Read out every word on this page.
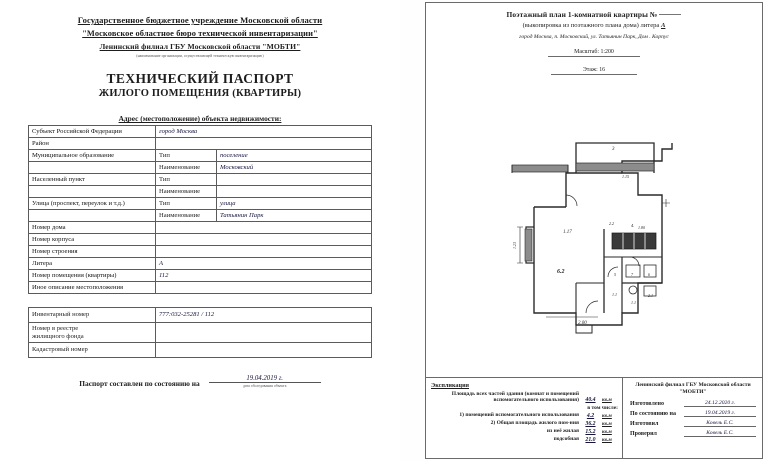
Государственное бюджетное учреждение Московской области
"Московское областное бюро технической инвентаризации"
Ленинский филиал ГБУ Московской области "МОБТИ"
(наименование организации, осуществляющей техническую инвентаризацию)
ТЕХНИЧЕСКИЙ ПАСПОРТ
ЖИЛОГО ПОМЕЩЕНИЯ (КВАРТИРЫ)
Адрес (местоположение) объекта недвижимости:
Субъект Российской Федерации	город Москва	
Район		
Муниципальное образование	Тип	поселение
	Наименование	Московский
Населенный пункт	Тип	
	Наименование	
Улица (проспект, переулок и т.д.)	Тип	улица
	Наименование	Татьянин Парк
Номер дома		
Номер корпуса		
Номер строения		
Литера	А	
Номер помещения (квартиры)	112	
Иное описание местоположения		
Инвентарный номер	777:032-25281 / 112
Номер в реестре
жилищного фонда	
Кадастровый номер	
Паспорт составлен по состоянию на
19.04.2019 г.
дата обследования объекта
Поэтажный план 1-комнатной квартиры №
(выкопировка из поэтажного плана дома) литера А
город Москва, п. Московский, ул. Татьянин Парк, Дом . Корпус
Масштаб: 1:200
Этаж: 16
1.17
6.2
3
1.15
4. 1.80
2.2
2.00
5
1.1
7	6
2.1
1.1
1.23
Экспликация
Площадь всех частей здания (комнат и помещений вспомогательного использования)	40.4	кв.м
в том числе:
1) помещений вспомогательного использования	4.2	кв.м
2) Общая площадь жилого пом-ния	36.2	кв.м
из неё жилая	15.2	кв.м
подсобная	21.0	кв.м
Ленинский филиал ГБУ Московской области
"МОБТИ"
Изготовлено	24.12.2020 г.
По состоянию на	19.04.2019 г.
Изготовил	Ковель Е.С.
Проверил	Ковель Е.С.
